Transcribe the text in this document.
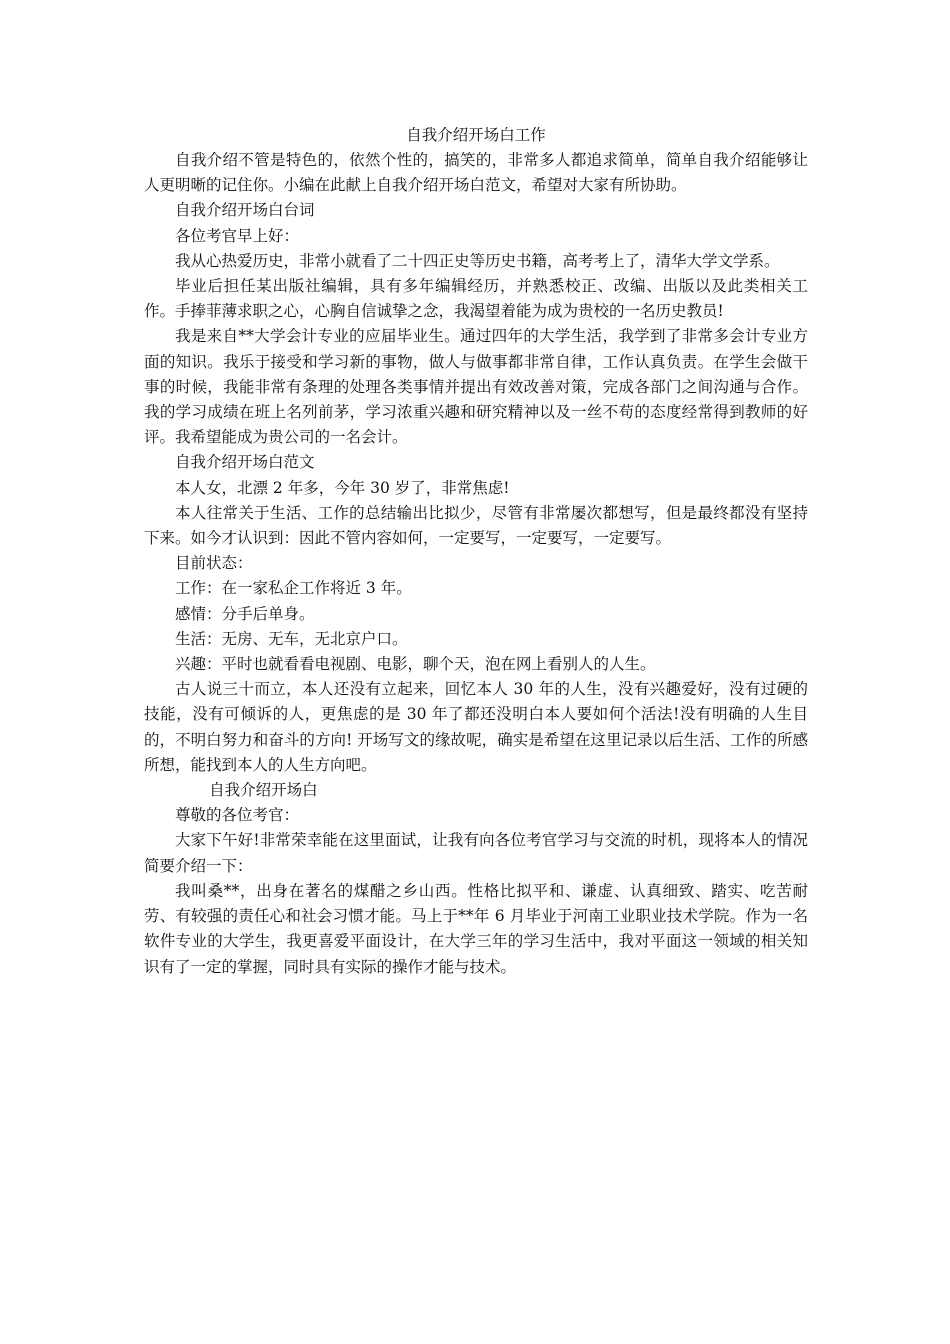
自我介绍开场白工作

自我介绍不管是特色的，依然个性的，搞笑的，非常多人都追求简单，简单自我介绍能够让人更明晰的记住你。小编在此献上自我介绍开场白范文，希望对大家有所协助。

自我介绍开场白台词

各位考官早上好：

我从心热爱历史，非常小就看了二十四正史等历史书籍，高考考上了，清华大学文学系。

毕业后担任某出版社编辑，具有多年编辑经历，并熟悉校正、改编、出版以及此类相关工作。手捧菲薄求职之心，心胸自信诚挚之念，我渴望着能为成为贵校的一名历史教员!

我是来自**大学会计专业的应届毕业生。通过四年的大学生活，我学到了非常多会计专业方面的知识。我乐于接受和学习新的事物，做人与做事都非常自律，工作认真负责。在学生会做干事的时候，我能非常有条理的处理各类事情并提出有效改善对策，完成各部门之间沟通与合作。我的学习成绩在班上名列前茅，学习浓重兴趣和研究精神以及一丝不苟的态度经常得到教师的好评。我希望能成为贵公司的一名会计。

自我介绍开场白范文

本人女，北漂 2 年多，今年 30 岁了，非常焦虑!

本人往常关于生活、工作的总结输出比拟少，尽管有非常屡次都想写，但是最终都没有坚持下来。如今才认识到：因此不管内容如何，一定要写，一定要写，一定要写。

目前状态：

工作：在一家私企工作将近 3 年。

感情：分手后单身。

生活：无房、无车，无北京户口。

兴趣：平时也就看看电视剧、电影，聊个天，泡在网上看别人的人生。

古人说三十而立，本人还没有立起来，回忆本人 30 年的人生，没有兴趣爱好，没有过硬的技能，没有可倾诉的人，更焦虑的是 30 年了都还没明白本人要如何个活法!没有明确的人生目的，不明白努力和奋斗的方向! 开场写文的缘故呢，确实是希望在这里记录以后生活、工作的所感所想，能找到本人的人生方向吧。

自我介绍开场白

尊敬的各位考官：

大家下午好!非常荣幸能在这里面试，让我有向各位考官学习与交流的时机，现将本人的情况简要介绍一下：

我叫桑**，出身在著名的煤醋之乡山西。性格比拟平和、谦虚、认真细致、踏实、吃苦耐劳、有较强的责任心和社会习惯才能。马上于**年 6 月毕业于河南工业职业技术学院。作为一名软件专业的大学生，我更喜爱平面设计，在大学三年的学习生活中，我对平面这一领域的相关知识有了一定的掌握，同时具有实际的操作才能与技术。
